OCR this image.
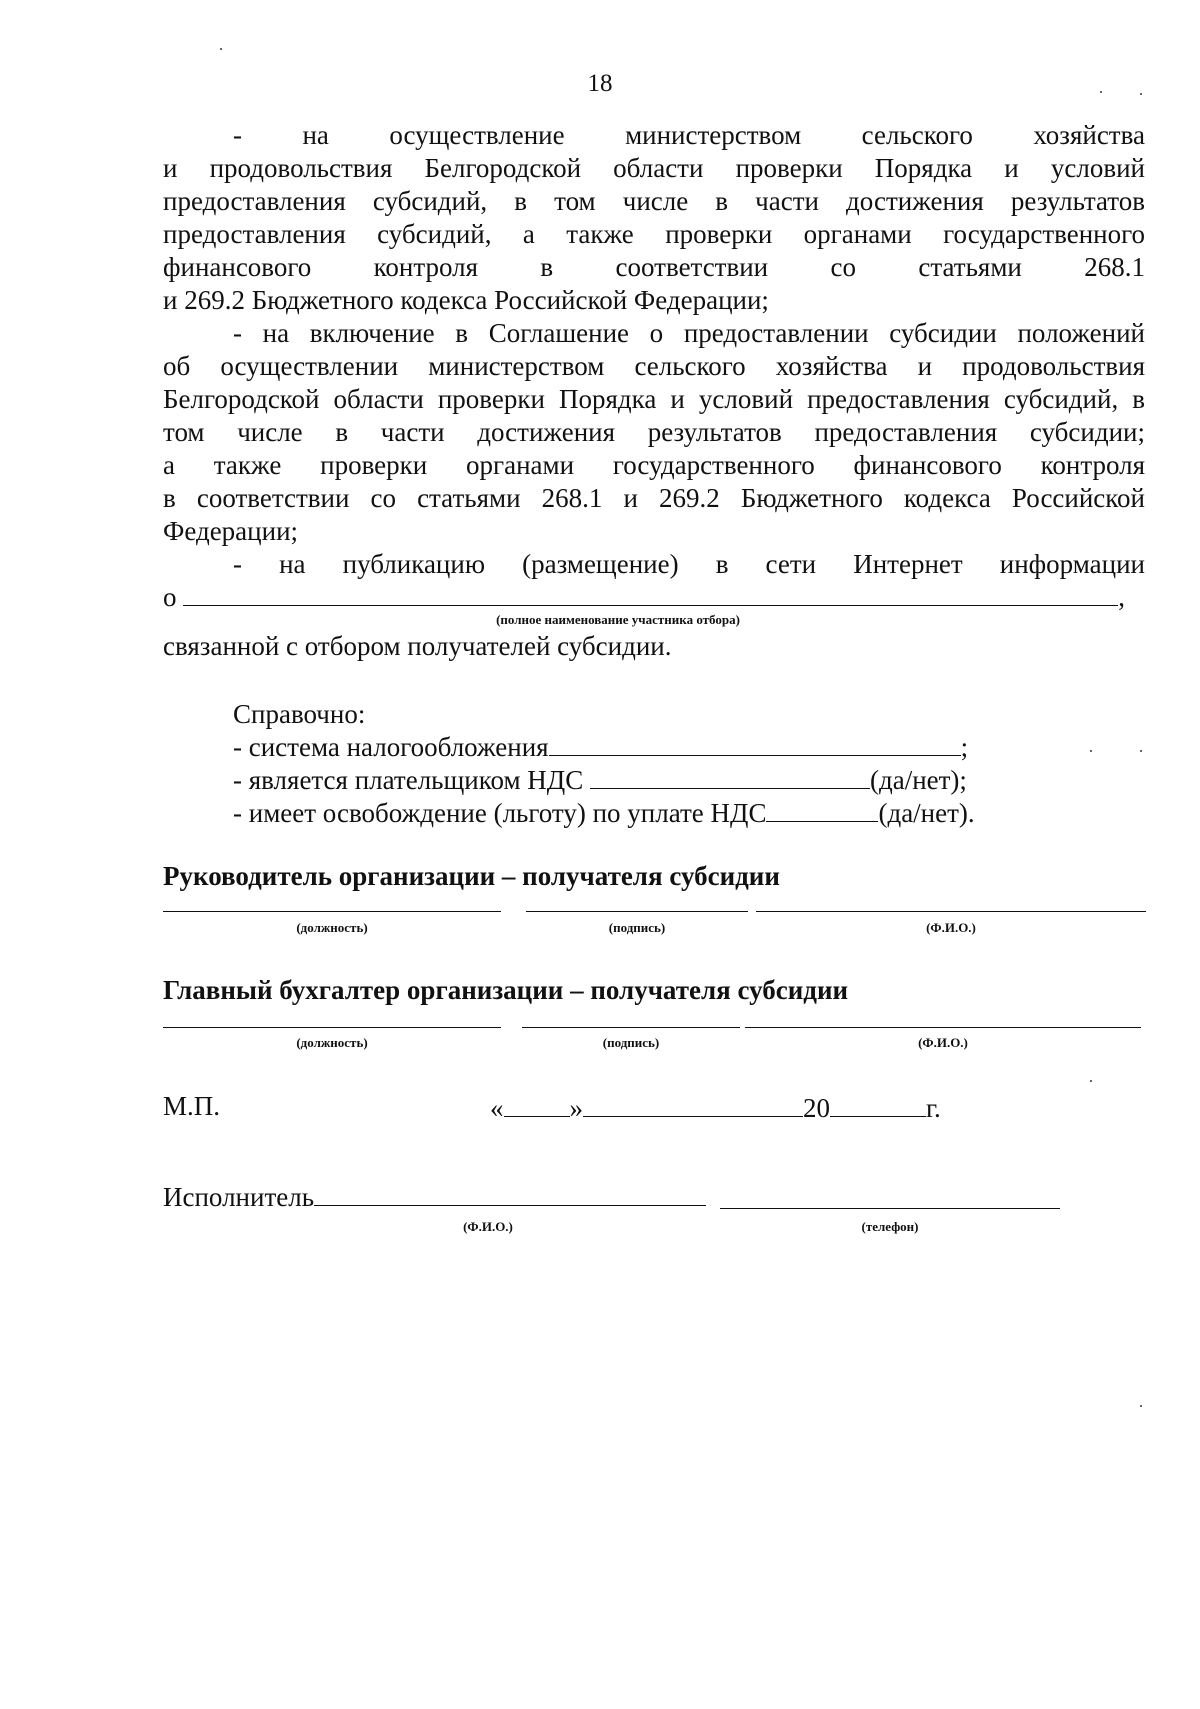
18
- на осуществление министерством сельского хозяйства
и продовольствия Белгородской области проверки Порядка и условий
предоставления субсидий, в том числе в части достижения результатов
предоставления субсидий, а также проверки органами государственного
финансового контроля в соответствии со статьями 268.1
и 269.2 Бюджетного кодекса Российской Федерации;
- на включение в Соглашение о предоставлении субсидии положений
об осуществлении министерством сельского хозяйства и продовольствия
Белгородской области проверки Порядка и условий предоставления субсидий, в
том числе в части достижения результатов предоставления субсидии;
а также проверки органами государственного финансового контроля
в соответствии со статьями 268.1 и 269.2 Бюджетного кодекса Российской
Федерации;
- на публикацию (размещение) в сети Интернет информации
о	,
(полное наименование участника отбора)
связанной с отбором получателей субсидии.
Справочно:
- система налогообложения	;
- является плательщиком НДС	(да/нет);
- имеет освобождение (льготу) по уплате НДС	(да/нет).
Руководитель организации – получателя субсидии
(должность)	(подпись)	(Ф.И.О.)
Главный бухгалтер организации – получателя субсидии
(должность)	(подпись)	(Ф.И.О.)
М.П.	« »	20	г.
Исполнитель
(Ф.И.О.)	(телефон)
